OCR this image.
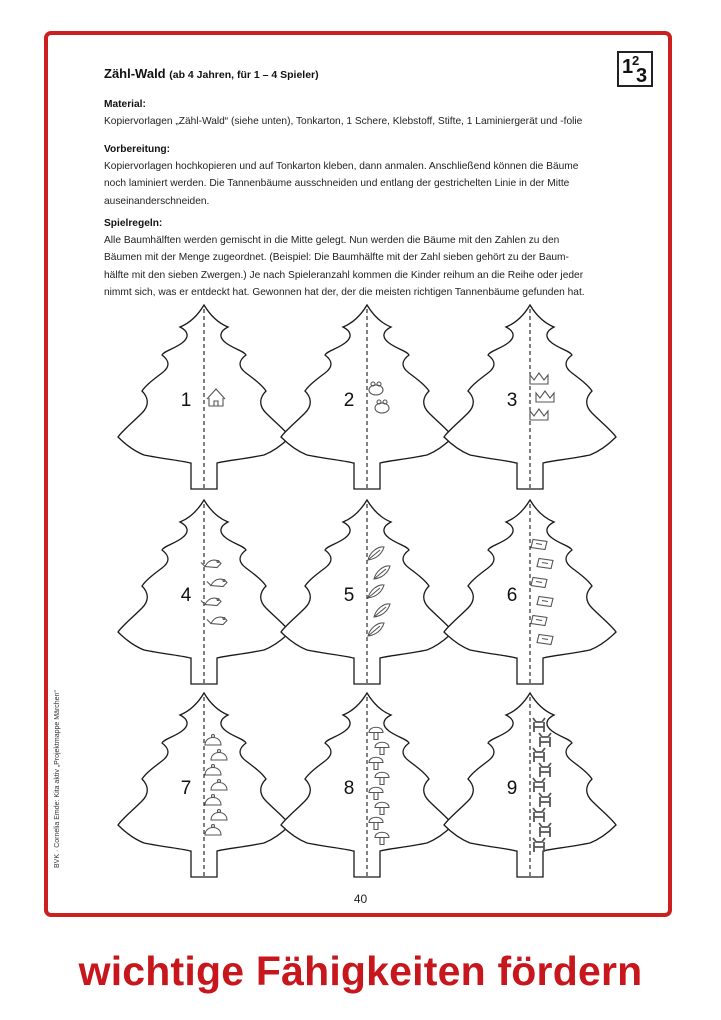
1
2
3
Zähl-Wald (ab 4 Jahren, für 1 – 4 Spieler)

Material:

Kopiervorlagen „Zähl-Wald“ (siehe unten), Tonkarton, 1 Schere, Klebstoff, Stifte, 1 Laminiergerät und -folie

Vorbereitung:

Kopiervorlagen hochkopieren und auf Tonkarton kleben, dann anmalen. Anschließend können die Bäume

noch laminiert werden. Die Tannenbäume ausschneiden und entlang der gestrichelten Linie in der Mitte

auseinanderschneiden.

Spielregeln:

Alle Baumhälften werden gemischt in die Mitte gelegt. Nun werden die Bäume mit den Zahlen zu den

Bäumen mit der Menge zugeordnet. (Beispiel: Die Baumhälfte mit der Zahl sieben gehört zu der Baum-

hälfte mit den sieben Zwergen.) Je nach Spieleranzahl kommen die Kinder reihum an die Reihe oder jeder

nimmt sich, was er entdeckt hat. Gewonnen hat der, der die meisten richtigen Tannenbäume gefunden hat.

1	2	3
4	5	6
7	8	9
BVK · Cornelia Emde: Kita aktiv „Projektmappe Märchen“
40
wichtige Fähigkeiten fördern
